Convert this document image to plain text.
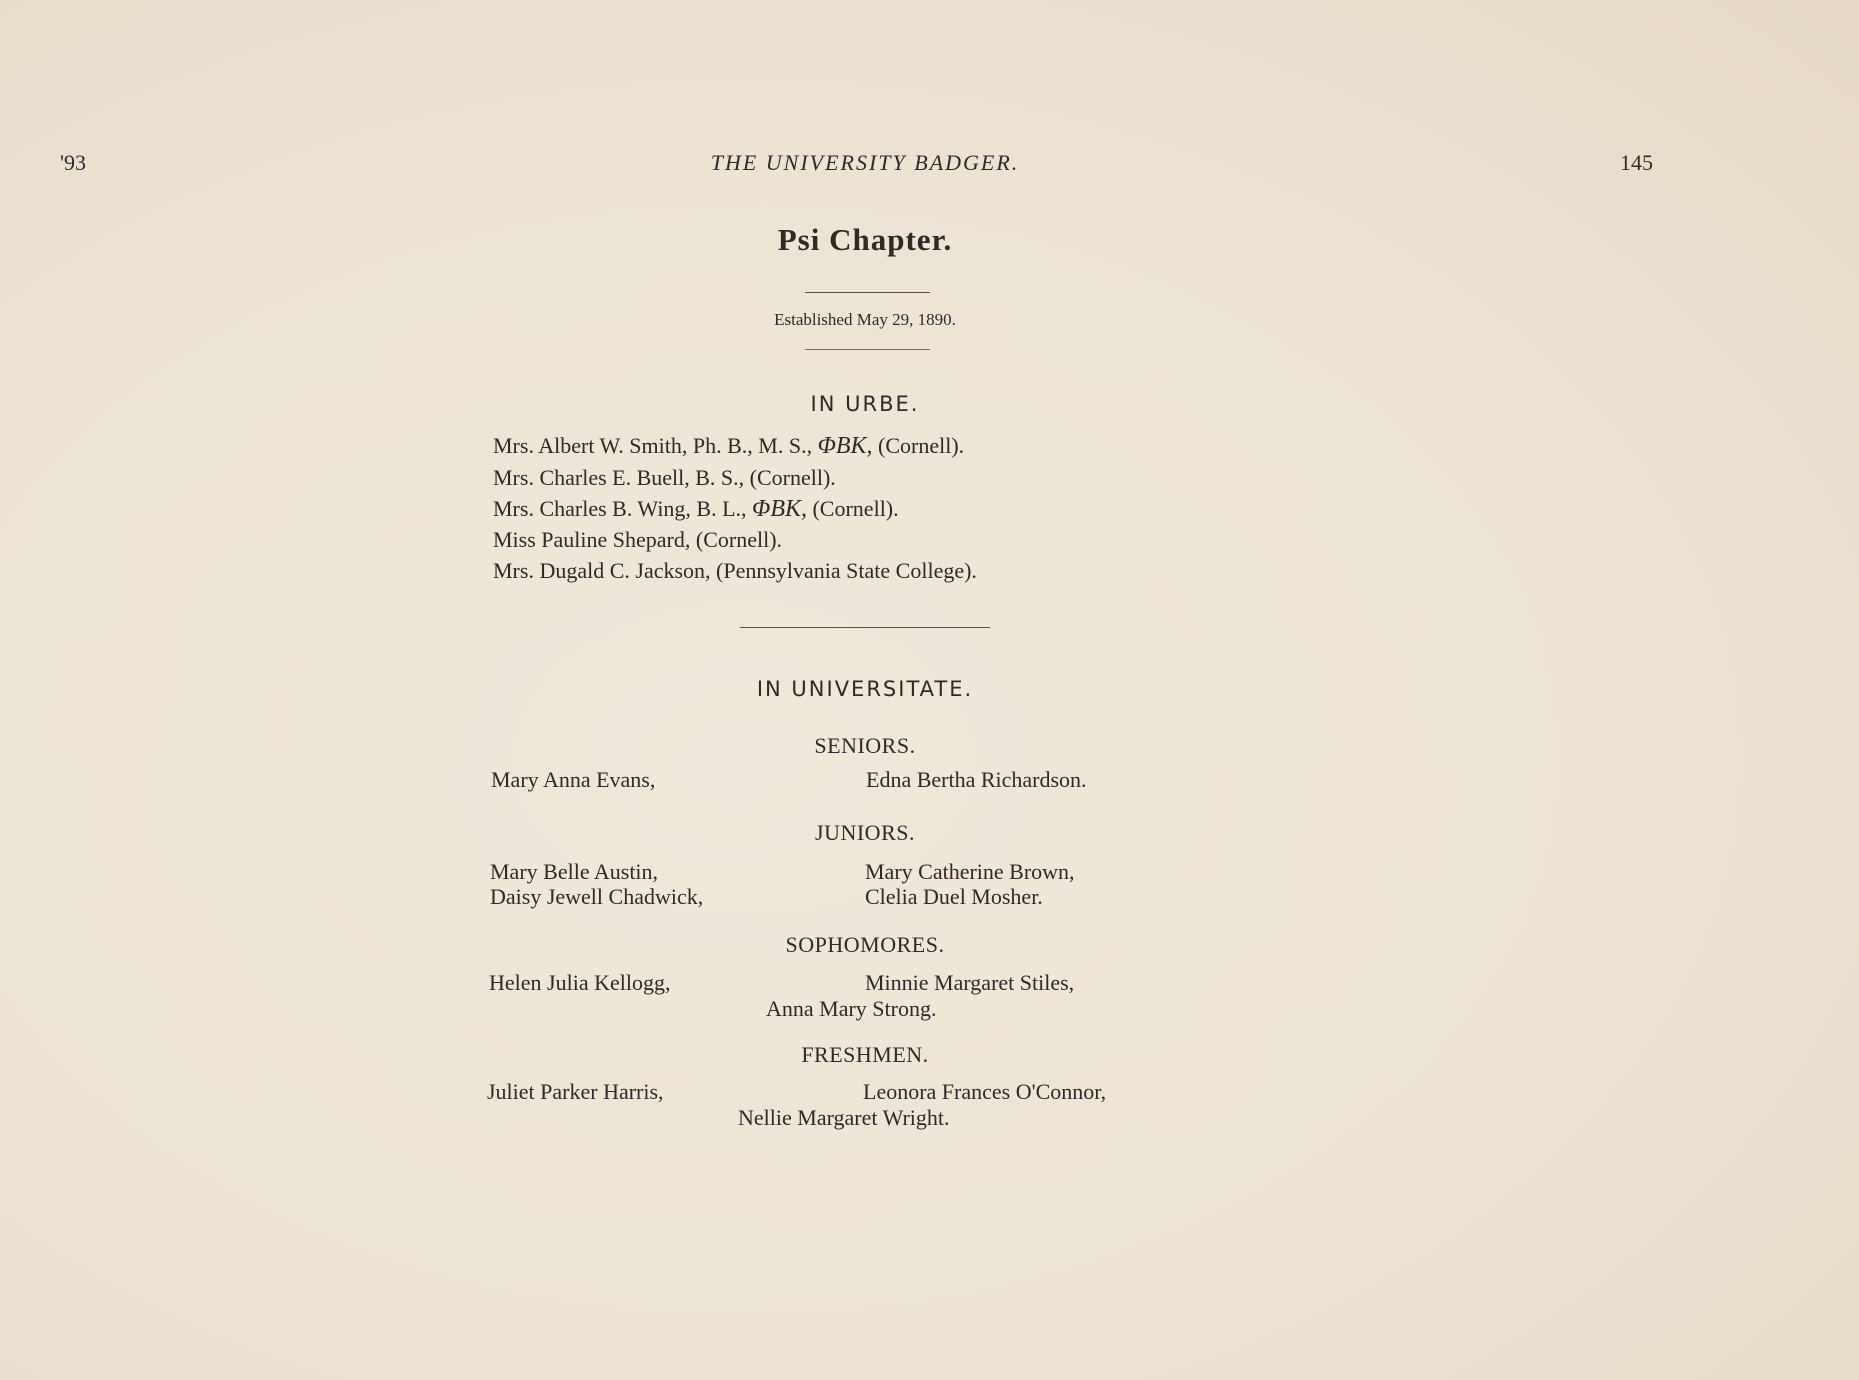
'93	THE UNIVERSITY BADGER.	145
Psi Chapter.
Established May 29, 1890.
IN URBE.
Mrs. Albert W. Smith, Ph. B., M. S., ΦBK, (Cornell).
Mrs. Charles E. Buell, B. S., (Cornell).
Mrs. Charles B. Wing, B. L., ΦBK, (Cornell).
Miss Pauline Shepard, (Cornell).
Mrs. Dugald C. Jackson, (Pennsylvania State College).
IN UNIVERSITATE.
SENIORS.
Mary Anna Evans,	Edna Bertha Richardson.
JUNIORS.
Mary Belle Austin,	Mary Catherine Brown,
Daisy Jewell Chadwick,	Clelia Duel Mosher.
SOPHOMORES.
Helen Julia Kellogg,	Minnie Margaret Stiles,
Anna Mary Strong.
FRESHMEN.
Juliet Parker Harris,	Leonora Frances O'Connor,
Nellie Margaret Wright.
